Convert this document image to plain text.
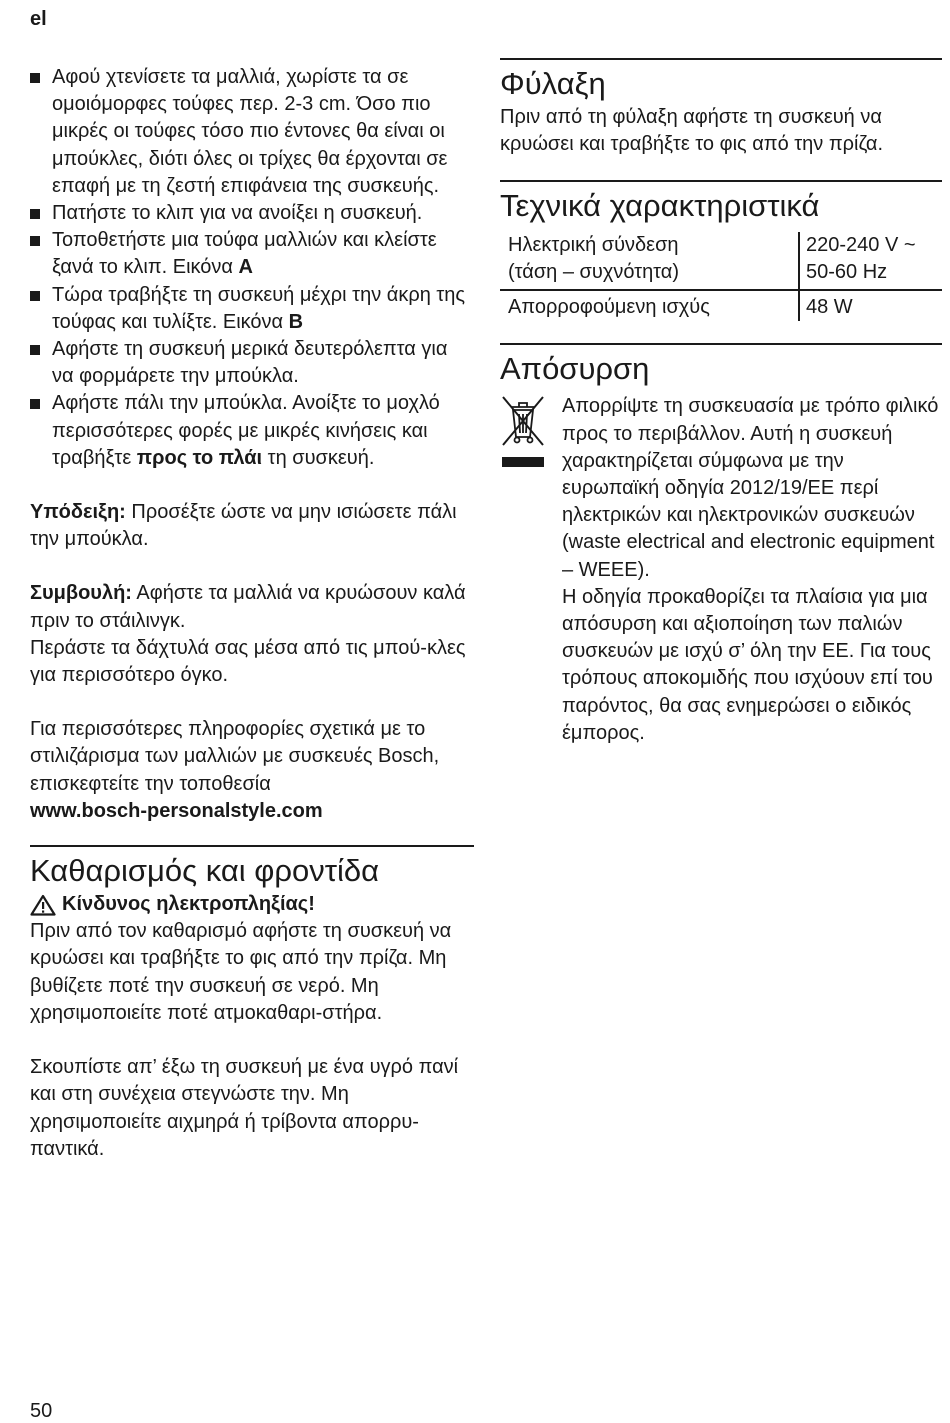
el
Αφού χτενίσετε τα μαλλιά, χωρίστε τα σε ομοιόμορφες τούφες περ. 2-3 cm. Όσο πιο μικρές οι τούφες τόσο πιο έντονες θα είναι οι μπούκλες, διότι όλες οι τρίχες θα έρχονται σε επαφή με τη ζεστή επιφάνεια της συσκευής.
Πατήστε το κλιπ για να ανοίξει η συσκευή.
Τοποθετήστε μια τούφα μαλλιών και κλείστε ξανά το κλιπ. Εικόνα A
Τώρα τραβήξτε τη συσκευή μέχρι την άκρη της τούφας και τυλίξτε. Εικόνα B
Αφήστε τη συσκευή μερικά δευτερόλεπτα για να φορμάρετε την μπούκλα.
Αφήστε πάλι την μπούκλα. Ανοίξτε το μοχλό περισσότερες φορές με μικρές κινήσεις και τραβήξτε προς το πλάι τη συσκευή.

Υπόδειξη: Προσέξτε ώστε να μην ισιώσετε πάλι την μπούκλα.

Συμβουλή: Αφήστε τα μαλλιά να κρυώσουν καλά πριν το στάιλινγκ.

Περάστε τα δάχτυλά σας μέσα από τις μπού-κλες για περισσότερο όγκο.

Για περισσότερες πληροφορίες σχετικά με το στιλιζάρισμα των μαλλιών με συσκευές Bosch, επισκεφτείτε την τοποθεσία
www.bosch-personalstyle.com

Καθαρισμός και φροντίδα
Κίνδυνος ηλεκτροπληξίας!

Πριν από τον καθαρισμό αφήστε τη συσκευή να κρυώσει και τραβήξτε το φις από την πρίζα. Μη βυθίζετε ποτέ την συσκευή σε νερό. Μη χρησιμοποιείτε ποτέ ατμοκαθαρι-στήρα.

Σκουπίστε απ’ έξω τη συσκευή με ένα υγρό πανί και στη συνέχεια στεγνώστε την. Μη χρησιμοποιείτε αιχμηρά ή τρίβοντα απορρυ-παντικά.

Φύλαξη

Πριν από τη φύλαξη αφήστε τη συσκευή να κρυώσει και τραβήξτε το φις από την πρίζα.

Τεχνικά χαρακτηριστικά
Ηλεκτρική σύνδεση
(τάση – συχνότητα)	220-240 V ~
50-60 Hz
Απορροφούμενη ισχύς	48 W
Απόσυρση

Απορρίψτε τη συσκευασία με τρόπο φιλικό προς το περιβάλλον. Αυτή η συσκευή χαρακτηρίζεται σύμφωνα με την ευρωπαϊκή οδηγία 2012/19/EE περί ηλεκτρικών και ηλεκτρονικών συσκευών (waste electrical and electronic equipment – WEEE).

Η οδηγία προκαθορίζει τα πλαίσια για μια απόσυρση και αξιοποίηση των παλιών συσκευών με ισχύ σ’ όλη την ΕΕ. Για τους τρόπους αποκομιδής που ισχύουν επί του παρόντος, θα σας ενημερώσει ο ειδικός έμπορος.

50
